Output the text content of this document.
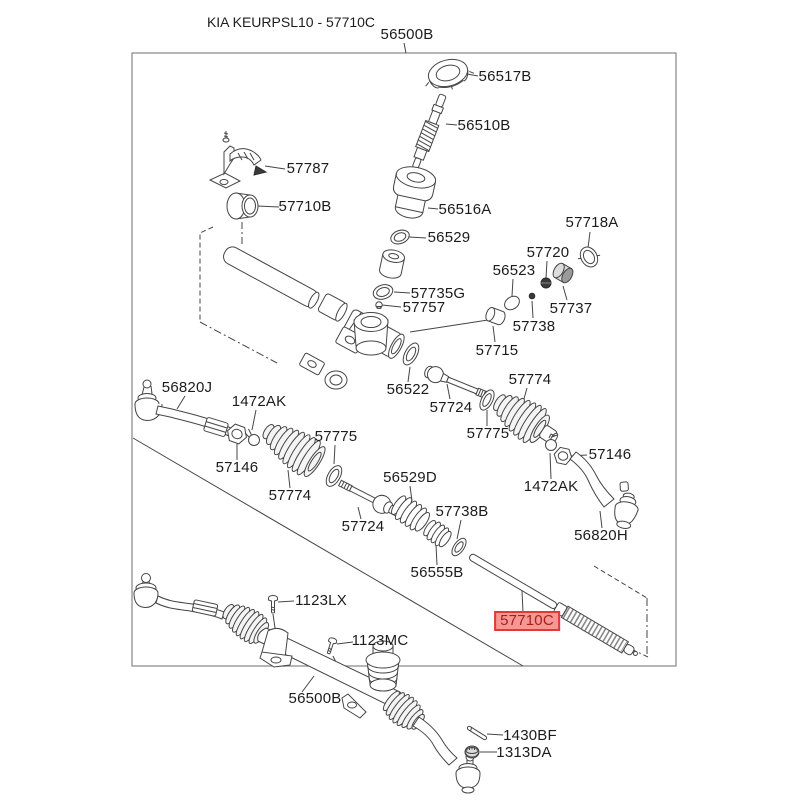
KIA KEURPSL10 - 57710C
56500B
56517B
56510B
57787
57710B	56516A
56529
57718A
57720
56523
57735G
57757	57737
57738
57715
56522
56820J
1472AK
57775
57146
57774
57724
57774
57775
1472AK
57146
56820H
56529D
57724
57738B
56555B
57710C
1123LX
1123MC
56500B
1430BF
1313DA
